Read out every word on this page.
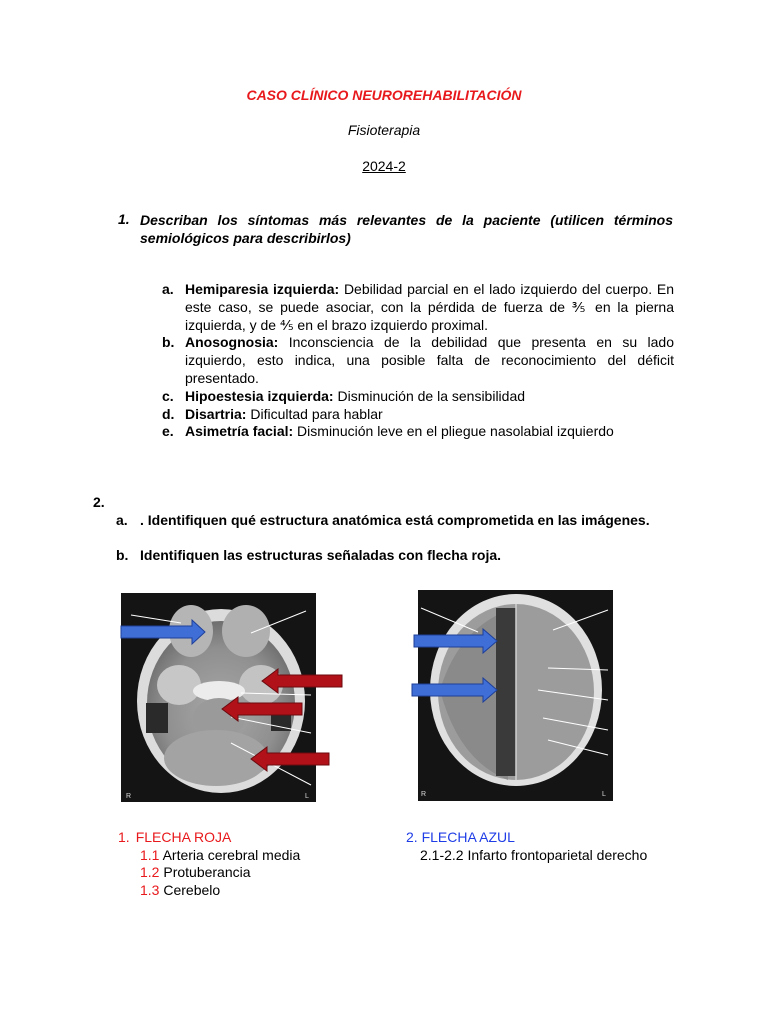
CASO CLÍNICO NEUROREHABILITACIÓN
Fisioterapia
2024-2
1. Describan los síntomas más relevantes de la paciente (utilicen términos semiológicos para describirlos)
a. Hemiparesia izquierda: Debilidad parcial en el lado izquierdo del cuerpo. En este caso, se puede asociar, con la pérdida de fuerza de ⅗ en la pierna izquierda, y de ⅘ en el brazo izquierdo proximal.
b. Anosognosia: Inconsciencia de la debilidad que presenta en su lado izquierdo, esto indica, una posible falta de reconocimiento del déficit presentado.
c. Hipoestesia izquierda: Disminución de la sensibilidad
d. Disartria: Dificultad para hablar
e. Asimetría facial: Disminución leve en el pliegue nasolabial izquierdo
2.
a. . Identifiquen qué estructura anatómica está comprometida en las imágenes.
b. Identifiquen las estructuras señaladas con flecha roja.
R	L	R	L
1. FLECHA ROJA
1.1 Arteria cerebral media
1.2 Protuberancia
1.3 Cerebelo
2. FLECHA AZUL
2.1-2.2 Infarto frontoparietal derecho
